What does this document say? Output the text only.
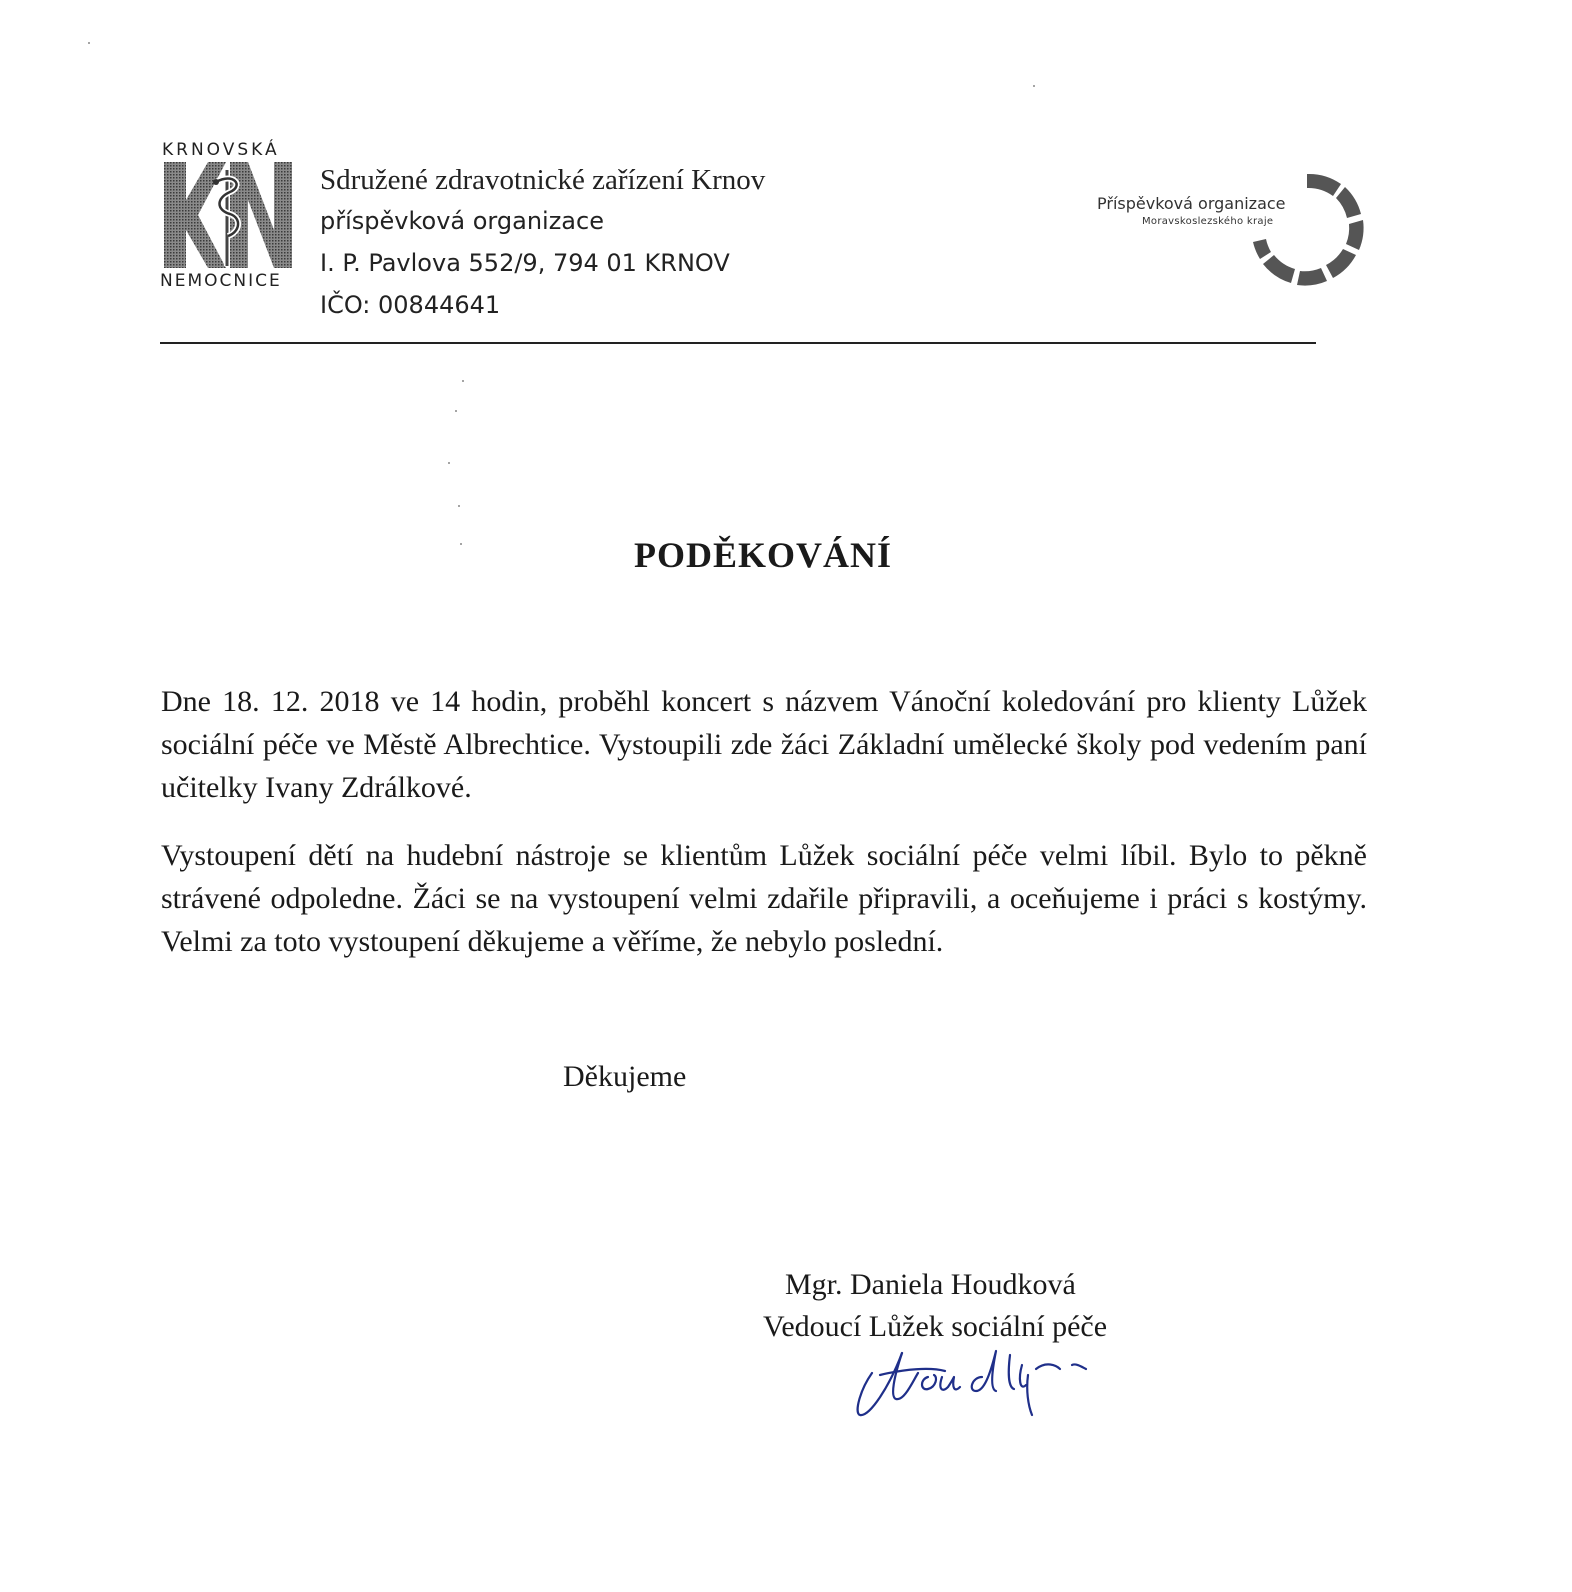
KRNOVSKÁ
NEMOCNICE
Sdružené zdravotnické zařízení Krnov
příspěvková organizace
I. P. Pavlova 552/9, 794 01 KRNOV
IČO: 00844641
Příspěvková organizace
Moravskoslezského kraje
PODĚKOVÁNÍ
Dne 18. 12. 2018 ve 14 hodin, proběhl koncert s názvem Vánoční koledování pro klienty Lůžek sociální péče ve Městě Albrechtice. Vystoupili zde žáci Základní umělecké školy pod vedením paní učitelky Ivany Zdrálkové.
Vystoupení dětí na hudební nástroje se klientům Lůžek sociální péče velmi líbil. Bylo to pěkně strávené odpoledne. Žáci se na vystoupení velmi zdařile připravili, a oceňujeme i práci s kostýmy. Velmi za toto vystoupení děkujeme a věříme, že nebylo poslední.
Děkujeme
Mgr. Daniela Houdková
Vedoucí Lůžek sociální péče
